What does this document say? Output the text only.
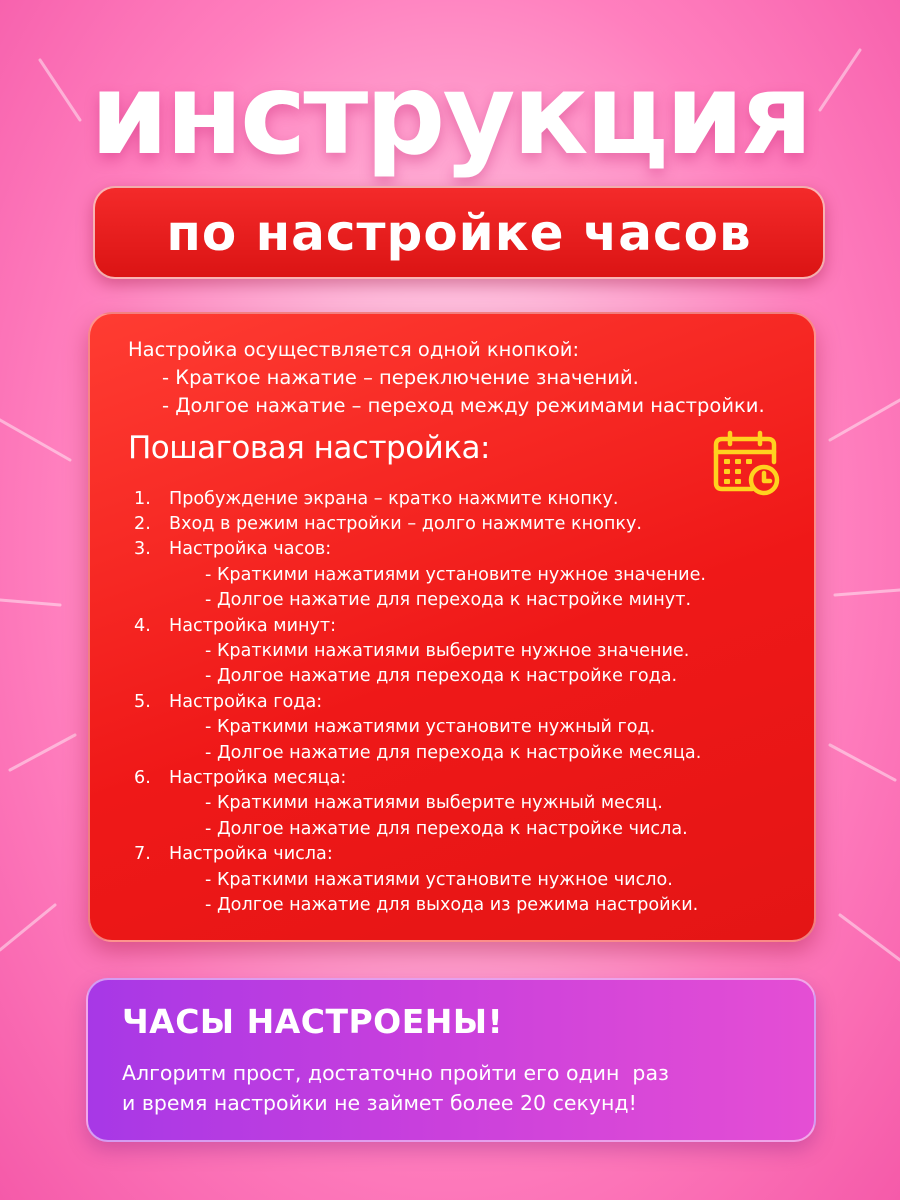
инструкция
по настройке часов
Настройка осуществляется одной кнопкой:
- Краткое нажатие – переключение значений.
- Долгое нажатие – переход между режимами настройки.
Пошаговая настройка:
1.	Пробуждение экрана – кратко нажмите кнопку.
2.	Вход в режим настройки – долго нажмите кнопку.
3.	Настройка часов:
- Краткими нажатиями установите нужное значение.
- Долгое нажатие для перехода к настройке минут.
4.	Настройка минут:
- Краткими нажатиями выберите нужное значение.
- Долгое нажатие для перехода к настройке года.
5.	Настройка года:
- Краткими нажатиями установите нужный год.
- Долгое нажатие для перехода к настройке месяца.
6.	Настройка месяца:
- Краткими нажатиями выберите нужный месяц.
- Долгое нажатие для перехода к настройке числа.
7.	Настройка числа:
- Краткими нажатиями установите нужное число.
- Долгое нажатие для выхода из режима настройки.
ЧАСЫ НАСТРОЕНЫ!
Алгоритм прост, достаточно пройти его один  раз
и время настройки не займет более 20 секунд!
